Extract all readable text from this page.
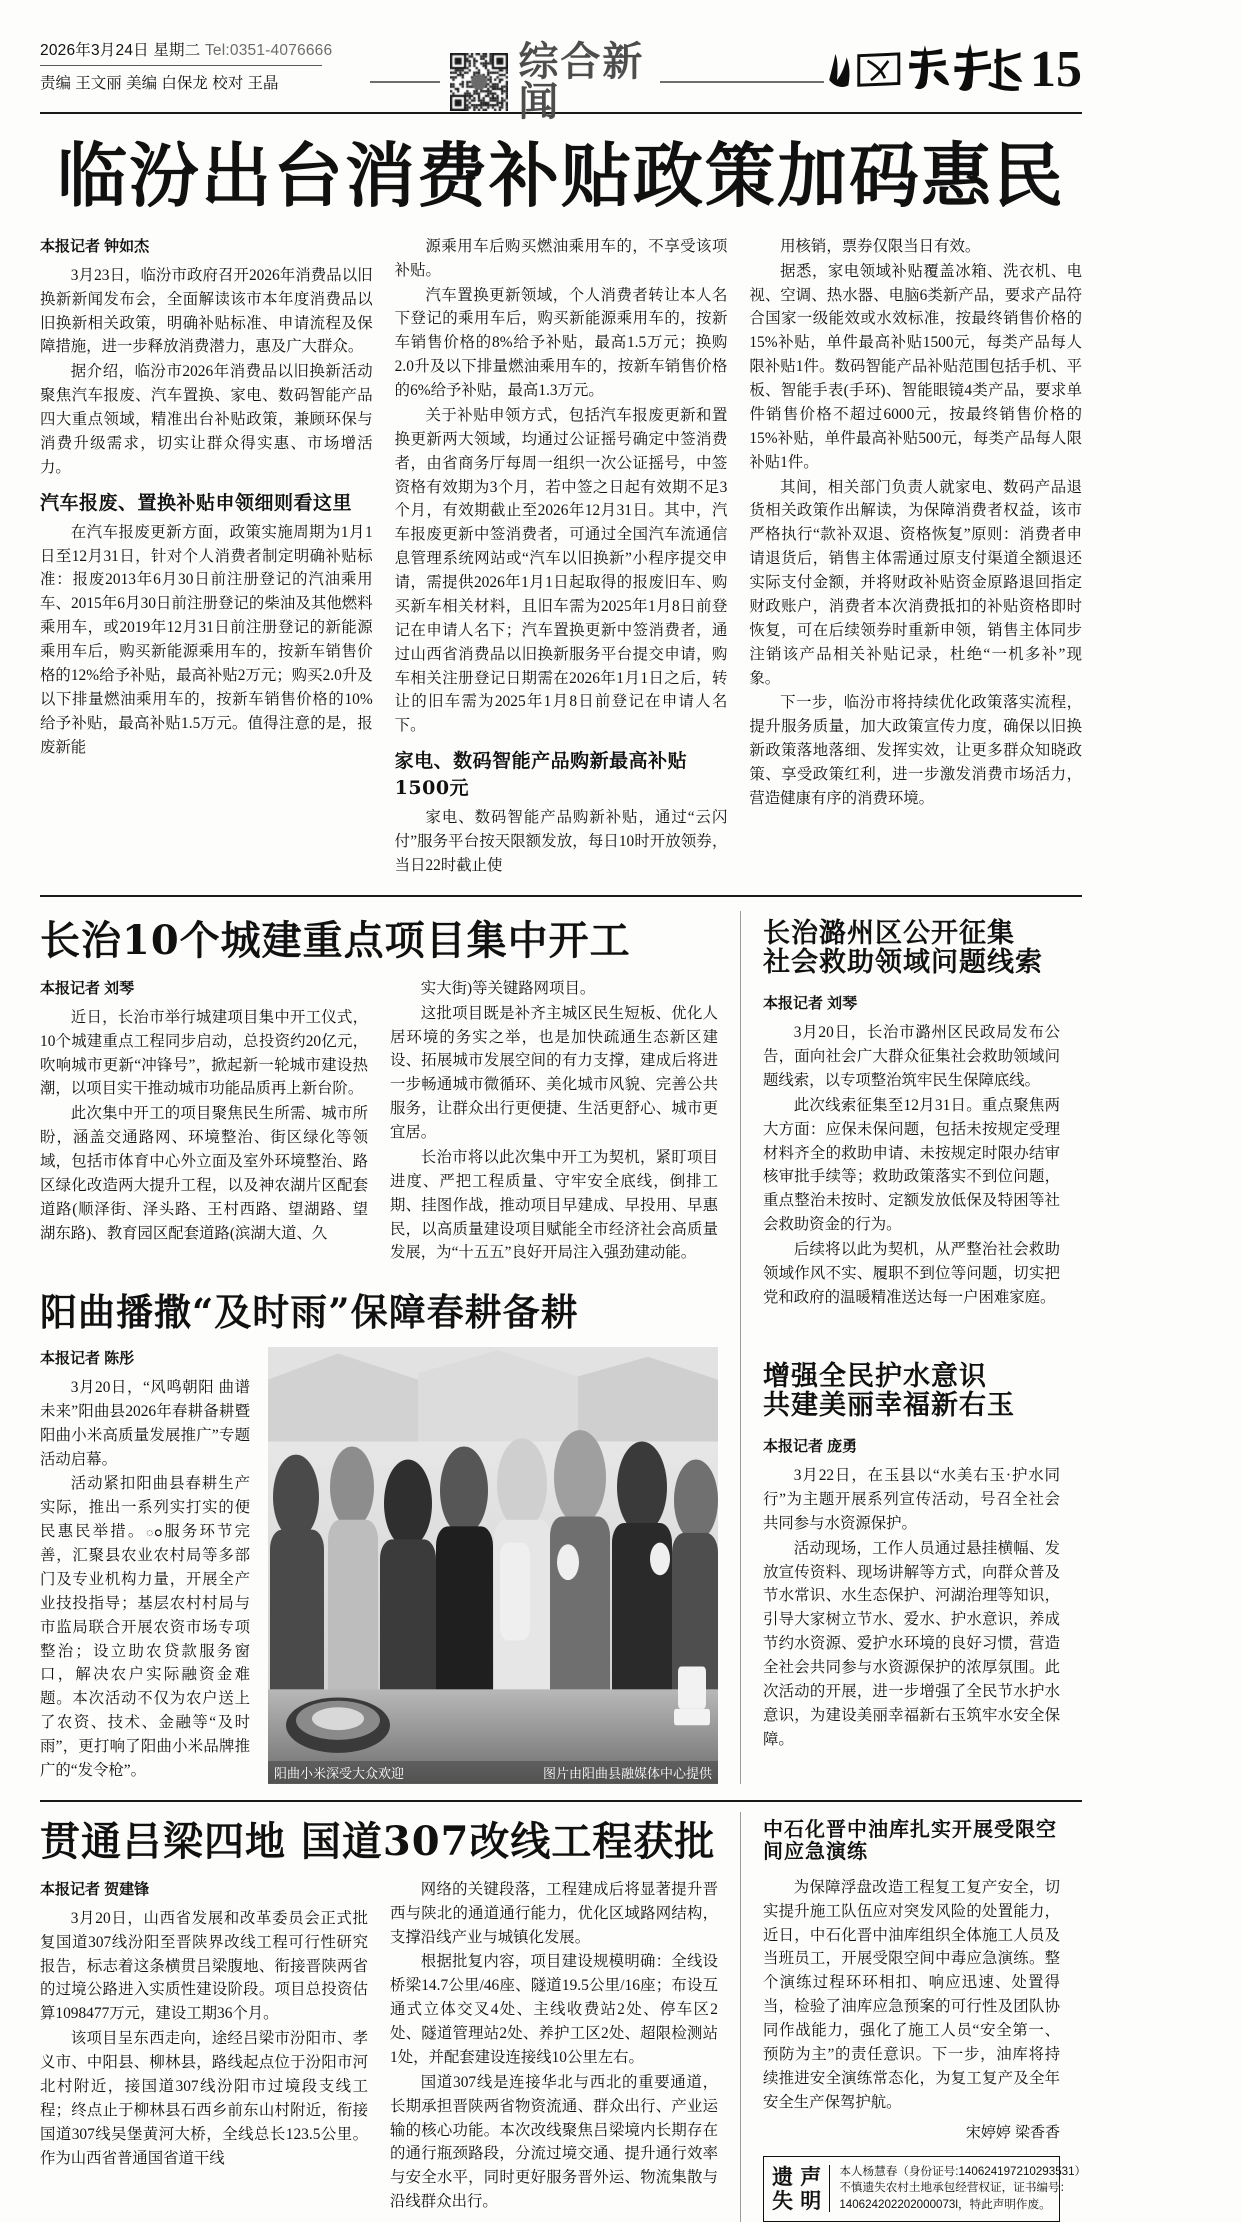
2026年3月24日 星期二 Tel:0351-4076666
责编 王文丽 美编 白保龙 校对 王晶	综合新闻
15
临汾出台消费补贴政策加码惠民
本报记者 钟如杰

3月23日，临汾市政府召开2026年消费品以旧换新新闻发布会，全面解读该市本年度消费品以旧换新相关政策，明确补贴标准、申请流程及保障措施，进一步释放消费潜力，惠及广大群众。

据介绍，临汾市2026年消费品以旧换新活动聚焦汽车报废、汽车置换、家电、数码智能产品四大重点领域，精准出台补贴政策，兼顾环保与消费升级需求，切实让群众得实惠、市场增活力。

汽车报废、置换补贴申领细则看这里

在汽车报废更新方面，政策实施周期为1月1日至12月31日，针对个人消费者制定明确补贴标准：报废2013年6月30日前注册登记的汽油乘用车、2015年6月30日前注册登记的柴油及其他燃料乘用车，或2019年12月31日前注册登记的新能源乘用车后，购买新能源乘用车的，按新车销售价格的12%给予补贴，最高补贴2万元；购买2.0升及以下排量燃油乘用车的，按新车销售价格的10%给予补贴，最高补贴1.5万元。值得注意的是，报废新能

源乘用车后购买燃油乘用车的，不享受该项补贴。

汽车置换更新领域，个人消费者转让本人名下登记的乘用车后，购买新能源乘用车的，按新车销售价格的8%给予补贴，最高1.5万元；换购2.0升及以下排量燃油乘用车的，按新车销售价格的6%给予补贴，最高1.3万元。

关于补贴申领方式，包括汽车报废更新和置换更新两大领域，均通过公证摇号确定中签消费者，由省商务厅每周一组织一次公证摇号，中签资格有效期为3个月，若中签之日起有效期不足3个月，有效期截止至2026年12月31日。其中，汽车报废更新中签消费者，可通过全国汽车流通信息管理系统网站或“汽车以旧换新”小程序提交申请，需提供2026年1月1日起取得的报废旧车、购买新车相关材料，且旧车需为2025年1月8日前登记在申请人名下；汽车置换更新中签消费者，通过山西省消费品以旧换新服务平台提交申请，购车相关注册登记日期需在2026年1月1日之后，转让的旧车需为2025年1月8日前登记在申请人名下。

家电、数码智能产品购新最高补贴1500元

家电、数码智能产品购新补贴，通过“云闪付”服务平台按天限额发放，每日10时开放领券，当日22时截止使

用核销，票券仅限当日有效。

据悉，家电领域补贴覆盖冰箱、洗衣机、电视、空调、热水器、电脑6类新产品，要求产品符合国家一级能效或水效标准，按最终销售价格的15%补贴，单件最高补贴1500元，每类产品每人限补贴1件。数码智能产品补贴范围包括手机、平板、智能手表(手环)、智能眼镜4类产品，要求单件销售价格不超过6000元，按最终销售价格的15%补贴，单件最高补贴500元，每类产品每人限补贴1件。

其间，相关部门负责人就家电、数码产品退货相关政策作出解读，为保障消费者权益，该市严格执行“款补双退、资格恢复”原则：消费者申请退货后，销售主体需通过原支付渠道全额退还实际支付金额，并将财政补贴资金原路退回指定财政账户，消费者本次消费抵扣的补贴资格即时恢复，可在后续领券时重新申领，销售主体同步注销该产品相关补贴记录，杜绝“一机多补”现象。

下一步，临汾市将持续优化政策落实流程，提升服务质量，加大政策宣传力度，确保以旧换新政策落地落细、发挥实效，让更多群众知晓政策、享受政策红利，进一步激发消费市场活力，营造健康有序的消费环境。

长治10个城建重点项目集中开工
本报记者 刘琴

近日，长治市举行城建项目集中开工仪式，10个城建重点工程同步启动，总投资约20亿元，吹响城市更新“冲锋号”，掀起新一轮城市建设热潮，以项目实干推动城市功能品质再上新台阶。

此次集中开工的项目聚焦民生所需、城市所盼，涵盖交通路网、环境整治、街区绿化等领域，包括市体育中心外立面及室外环境整治、路区绿化改造两大提升工程，以及神农湖片区配套道路(顺泽街、泽头路、王村西路、望湖路、望湖东路)、教育园区配套道路(滨湖大道、久

实大街)等关键路网项目。

这批项目既是补齐主城区民生短板、优化人居环境的务实之举，也是加快疏通生态新区建设、拓展城市发展空间的有力支撑，建成后将进一步畅通城市微循环、美化城市风貌、完善公共服务，让群众出行更便捷、生活更舒心、城市更宜居。

长治市将以此次集中开工为契机，紧盯项目进度、严把工程质量、守牢安全底线，倒排工期、挂图作战，推动项目早建成、早投用、早惠民，以高质量建设项目赋能全市经济社会高质量发展，为“十五五”良好开局注入强劲建动能。

阳曲播撒“及时雨”保障春耕备耕
本报记者 陈彤

3月20日，“风鸣朝阳 曲谱未来”阳曲县2026年春耕备耕暨阳曲小米高质量发展推广”专题活动启幕。

活动紧扣阳曲县春耕生产实际，推出一系列实打实的便民惠民举措。ం服务环节完善，汇聚县农业农村局等多部门及专业机构力量，开展全产业技投指导；基层农村村局与市监局联合开展农资市场专项整治；设立助农贷款服务窗口，解决农户实际融资金难题。本次活动不仅为农户送上了农资、技术、金融等“及时雨”，更打响了阳曲小米品牌推广的“发令枪”。	阳曲小米深受大众欢迎	图片由阳曲县融媒体中心提供
长治潞州区公开征集
社会救助领域问题线索
本报记者 刘琴

3月20日，长治市潞州区民政局发布公告，面向社会广大群众征集社会救助领域问题线索，以专项整治筑牢民生保障底线。

此次线索征集至12月31日。重点聚焦两大方面：应保未保问题，包括未按规定受理材料齐全的救助申请、未按规定时限办结审核审批手续等；救助政策落实不到位问题，重点整治未按时、定额发放低保及特困等社会救助资金的行为。

后续将以此为契机，从严整治社会救助领域作风不实、履职不到位等问题，切实把党和政府的温暖精准送达每一户困难家庭。

增强全民护水意识
共建美丽幸福新右玉
本报记者 庞勇

3月22日，在玉县以“水美右玉·护水同行”为主题开展系列宣传活动，号召全社会共同参与水资源保护。

活动现场，工作人员通过悬挂横幅、发放宣传资料、现场讲解等方式，向群众普及节水常识、水生态保护、河湖治理等知识，引导大家树立节水、爱水、护水意识，养成节约水资源、爱护水环境的良好习惯，营造全社会共同参与水资源保护的浓厚氛围。此次活动的开展，进一步增强了全民节水护水意识，为建设美丽幸福新右玉筑牢水安全保障。

贯通吕梁四地 国道307改线工程获批
本报记者 贺建锋

3月20日，山西省发展和改革委员会正式批复国道307线汾阳至晋陕界改线工程可行性研究报告，标志着这条横贯吕梁腹地、衔接晋陕两省的过境公路进入实质性建设阶段。项目总投资估算1098477万元，建设工期36个月。

该项目呈东西走向，途经吕梁市汾阳市、孝义市、中阳县、柳林县，路线起点位于汾阳市河北村附近，接国道307线汾阳市过境段支线工程；终点止于柳林县石西乡前东山村附近，衔接国道307线吴堡黄河大桥，全线总长123.5公里。作为山西省普通国省道干线

网络的关键段落，工程建成后将显著提升晋西与陕北的通道通行能力，优化区域路网结构，支撑沿线产业与城镇化发展。

根据批复内容，项目建设规模明确：全线设桥梁14.7公里/46座、隧道19.5公里/16座；布设互通式立体交叉4处、主线收费站2处、停车区2处、隧道管理站2处、养护工区2处、超限检测站1处，并配套建设连接线10公里左右。

国道307线是连接华北与西北的重要通道，长期承担晋陕两省物资流通、群众出行、产业运输的核心功能。本次改线聚焦吕梁境内长期存在的通行瓶颈路段，分流过境交通、提升通行效率与安全水平，同时更好服务晋外运、物流集散与沿线群众出行。

中石化晋中油库扎实开展受限空间应急演练

为保障浮盘改造工程复工复产安全，切实提升施工队伍应对突发风险的处置能力，近日，中石化晋中油库组织全体施工人员及当班员工，开展受限空间中毒应急演练。整个演练过程环环相扣、响应迅速、处置得当，检验了油库应急预案的可行性及团队协同作战能力，强化了施工人员“安全第一、预防为主”的责任意识。下一步，油库将持续推进安全演练常态化，为复工复产及全年安全生产保驾护航。

宋婷婷 梁香香
遗 声
失 明
本人杨慧春（身份证号:140624197210293531）
不慎遗失农村土地承包经营权证，证书编号：
140624202202000073l，特此声明作废。
